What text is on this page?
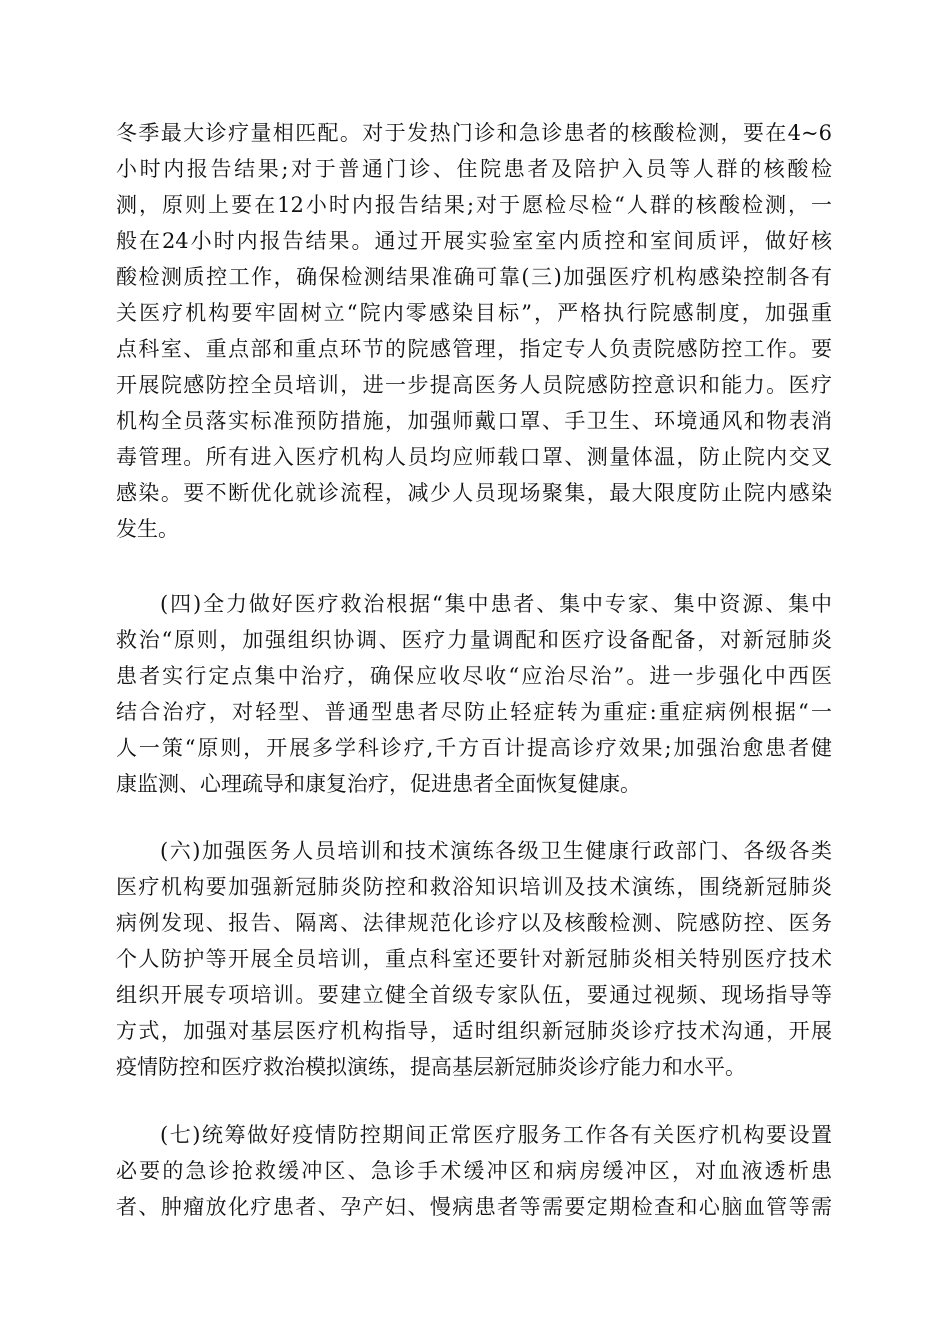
冬季最大诊疗量相匹配。对于发热门诊和急诊患者的核酸检测，要在4~6
小时内报告结果;对于普通门诊、住院患者及陪护入员等人群的核酸检
测，原则上要在12小时内报告结果;对于愿检尽检“人群的核酸检测，一
般在24小时内报告结果。通过开展实验室室内质控和室间质评，做好核
酸检测质控工作，确保检测结果准确可靠(三)加强医疗机构感染控制各有
关医疗机构要牢固树立“院内零感染目标”，严格执行院感制度，加强重
点科室、重点部和重点环节的院感管理，指定专人负责院感防控工作。要
开展院感防控全员培训，进一步提高医务人员院感防控意识和能力。医疗
机构全员落实标准预防措施，加强师戴口罩、手卫生、环境通风和物表消
毒管理。所有进入医疗机构人员均应师载口罩、测量体温，防止院内交叉
感染。要不断优化就诊流程，减少人员现场聚集，最大限度防止院内感染
发生。
(四)全力做好医疗救治根据“集中患者、集中专家、集中资源、集中
救治“原则，加强组织协调、医疗力量调配和医疗设备配备，对新冠肺炎
患者实行定点集中治疗，确保应收尽收“应治尽治”。进一步强化中西医
结合治疗，对轻型、普通型患者尽防止轻症转为重症:重症病例根据“一
人一策“原则，开展多学科诊疗,千方百计提高诊疗效果;加强治愈患者健
康监测、心理疏导和康复治疗，促进患者全面恢复健康。
(六)加强医务人员培训和技术演练各级卫生健康行政部门、各级各类
医疗机构要加强新冠肺炎防控和救浴知识培训及技术演练，围绕新冠肺炎
病例发现、报告、隔离、法律规范化诊疗以及核酸检测、院感防控、医务
个人防护等开展全员培训，重点科室还要针对新冠肺炎相关特别医疗技术
组织开展专项培训。要建立健全首级专家队伍，要通过视频、现场指导等
方式，加强对基层医疗机构指导，适时组织新冠肺炎诊疗技术沟通，开展
疫情防控和医疗救治模拟演练，提高基层新冠肺炎诊疗能力和水平。
(七)统筹做好疫情防控期间正常医疗服务工作各有关医疗机构要设置
必要的急诊抢救缓冲区、急诊手术缓冲区和病房缓冲区，对血液透析患
者、肿瘤放化疗患者、孕产妇、慢病患者等需要定期检查和心脑血管等需
